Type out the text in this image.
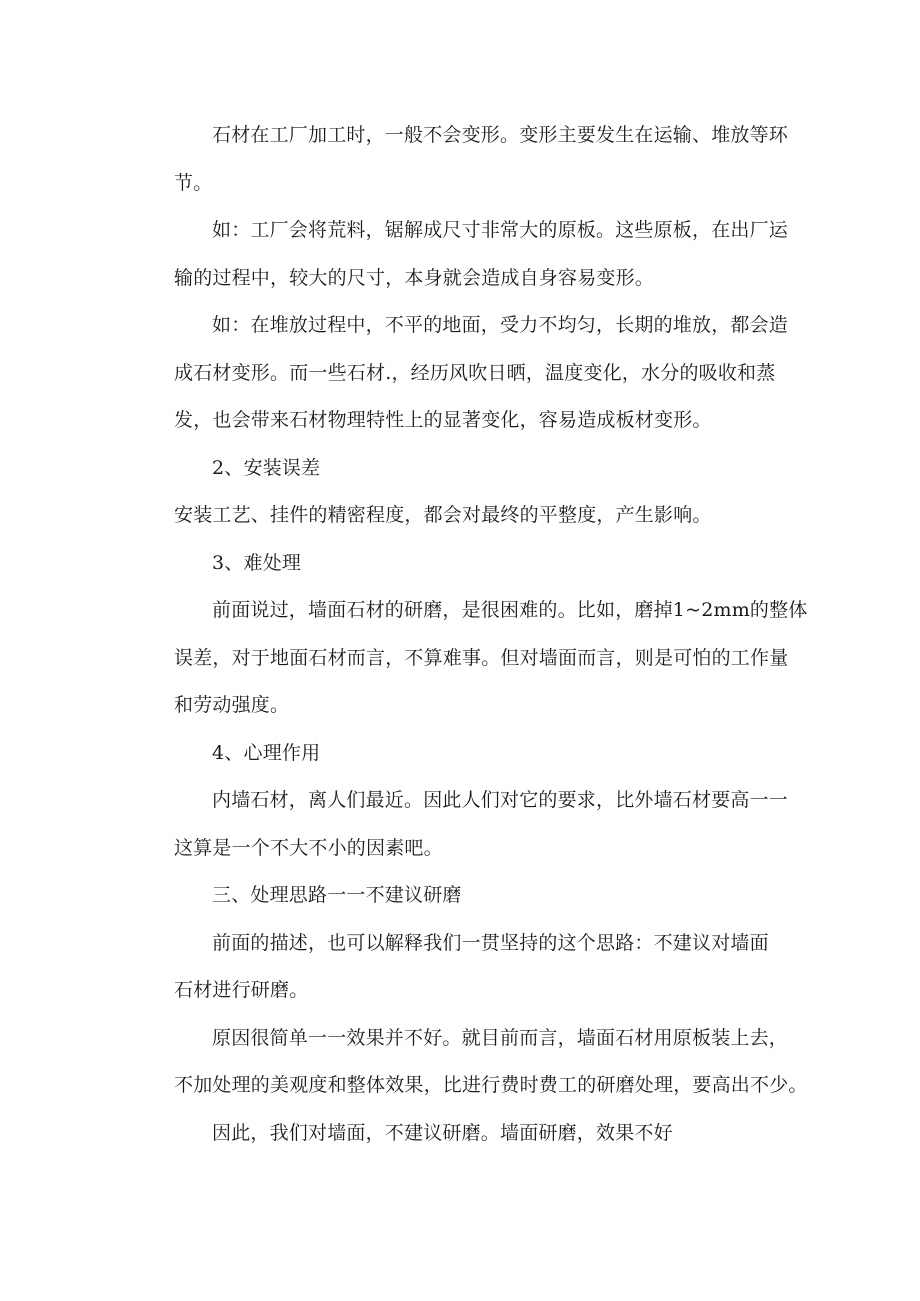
石材在工厂加工时，一般不会变形。变形主要发生在运输、堆放等环
节。
如：工厂会将荒料，锯解成尺寸非常大的原板。这些原板，在出厂运
输的过程中，较大的尺寸，本身就会造成自身容易变形。
如：在堆放过程中，不平的地面，受力不均匀，长期的堆放，都会造
成石材变形。而一些石材.，经历风吹日晒，温度变化，水分的吸收和蒸
发，也会带来石材物理特性上的显著变化，容易造成板材变形。
2、安装误差
安装工艺、挂件的精密程度，都会对最终的平整度，产生影响。
3、难处理
前面说过，墙面石材的研磨，是很困难的。比如，磨掉1~2mm的整体
误差，对于地面石材而言，不算难事。但对墙面而言，则是可怕的工作量
和劳动强度。
4、心理作用
内墙石材，离人们最近。因此人们对它的要求，比外墙石材要高一一
这算是一个不大不小的因素吧。
三、处理思路一一不建议研磨
前面的描述，也可以解释我们一贯坚持的这个思路：不建议对墙面
石材进行研磨。
原因很简单一一效果并不好。就目前而言，墙面石材用原板装上去，
不加处理的美观度和整体效果，比进行费时费工的研磨处理，要高出不少。
因此，我们对墙面，不建议研磨。墙面研磨，效果不好
